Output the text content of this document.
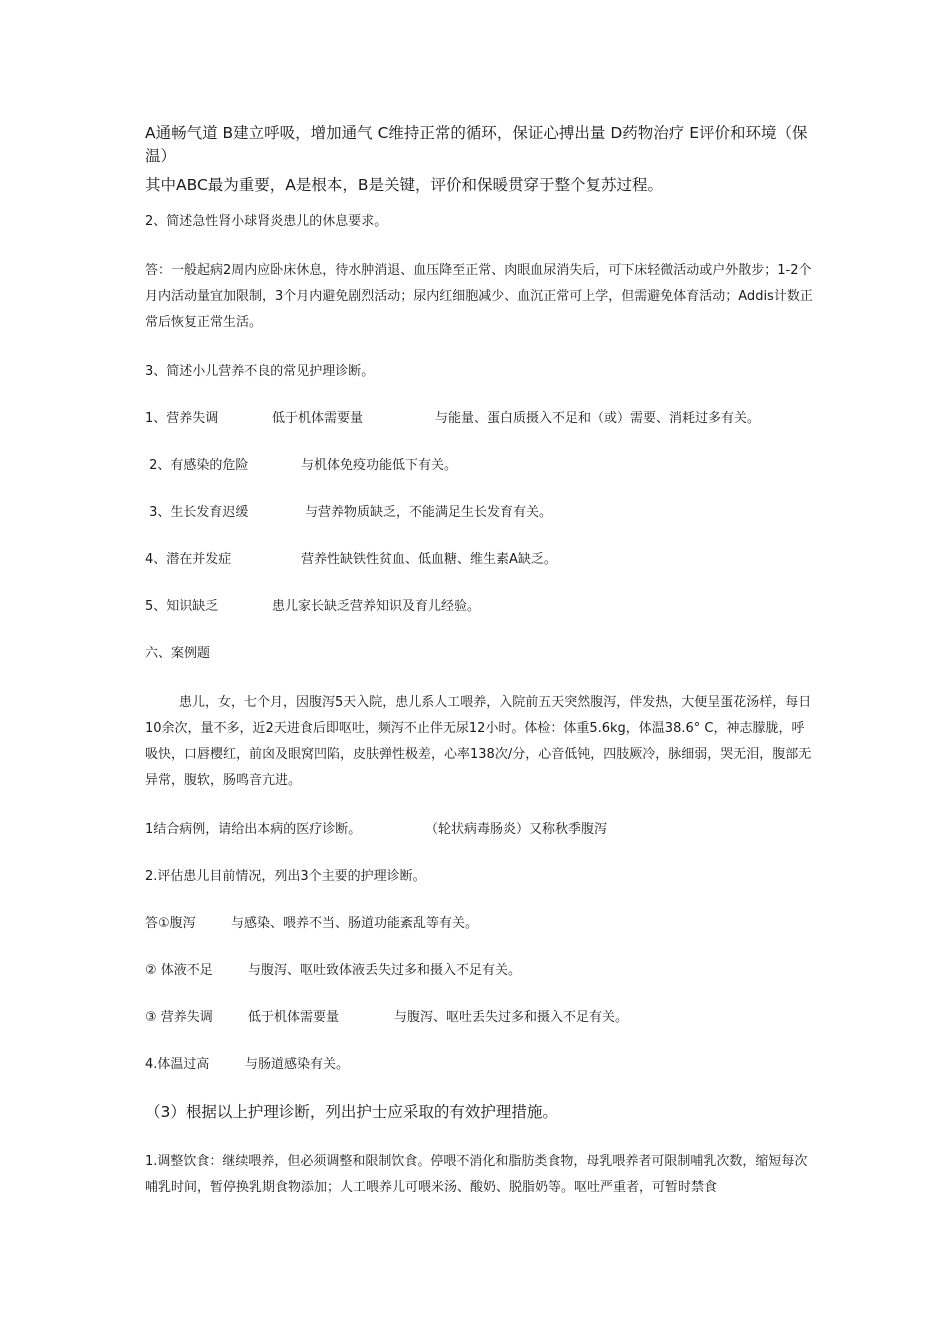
A通畅气道 B建立呼吸，增加通气 C维持正常的循环，保证心搏出量 D药物治疗 E评价和环境（保温）

其中ABC最为重要，A是根本，B是关键，评价和保暖贯穿于整个复苏过程。

2、简述急性肾小球肾炎患儿的休息要求。

答：一般起病2周内应卧床休息，待水肿消退、血压降至正常、肉眼血尿消失后，可下床轻微活动或户外散步；1-2个月内活动量宜加限制，3个月内避免剧烈活动；尿内红细胞减少、血沉正常可上学，但需避免体育活动；Addis计数正常后恢复正常生活。

3、简述小儿营养不良的常见护理诊断。

1、营养失调	低于机体需要量	与能量、蛋白质摄入不足和（或）需要、消耗过多有关。
2、有感染的危险	与机体免疫功能低下有关。
3、生长发育迟缓	与营养物质缺乏，不能满足生长发育有关。
4、潜在并发症	营养性缺铁性贫血、低血糖、维生素A缺乏。
5、知识缺乏	患儿家长缺乏营养知识及育儿经验。

六、案例题

患儿，女，七个月，因腹泻5天入院，患儿系人工喂养，入院前五天突然腹泻，伴发热，大便呈蛋花汤样，每日10余次，量不多，近2天进食后即呕吐，频泻不止伴无尿12小时。体检：体重5.6kg，体温38.6° C，神志朦胧，呼吸快，口唇樱红，前囟及眼窝凹陷，皮肤弹性极差，心率138次/分，心音低钝，四肢厥冷，脉细弱，哭无泪，腹部无异常，腹软，肠鸣音亢进。

1结合病例，请给出本病的医疗诊断。	（轮状病毒肠炎）又称秋季腹泻

2.评估患儿目前情况，列出3个主要的护理诊断。

答①腹泻	与感染、喂养不当、肠道功能紊乱等有关。
② 体液不足	与腹泻、呕吐致体液丢失过多和摄入不足有关。
③ 营养失调	低于机体需要量	与腹泻、呕吐丢失过多和摄入不足有关。
4.体温过高	与肠道感染有关。

（3）根据以上护理诊断，列出护士应采取的有效护理措施。

1.调整饮食：继续喂养，但必须调整和限制饮食。停喂不消化和脂肪类食物，母乳喂养者可限制哺乳次数，缩短每次哺乳时间，暂停换乳期食物添加；人工喂养儿可喂米汤、酸奶、脱脂奶等。呕吐严重者，可暂时禁食
